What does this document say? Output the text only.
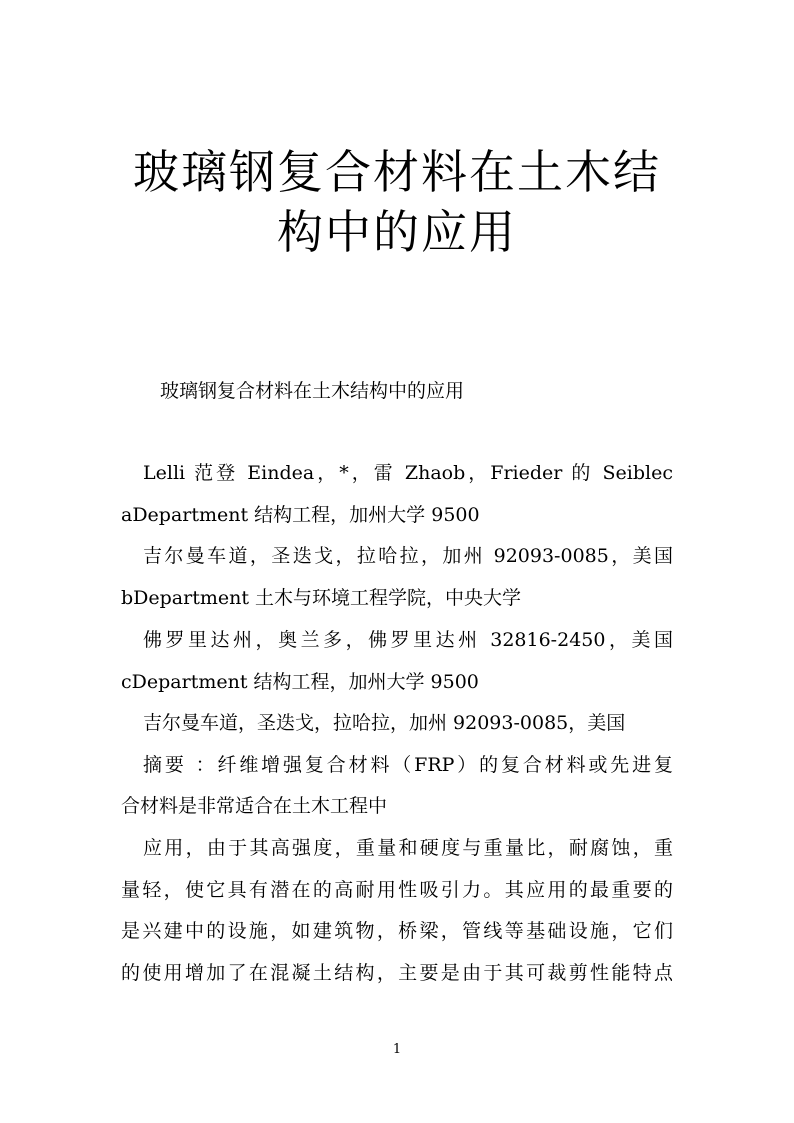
玻璃钢复合材料在土木结
构中的应用

玻璃钢复合材料在土木结构中的应用

Lelli 范登 Eindea，*，雷 Zhaob，Frieder 的 Seiblec

aDepartment 结构工程，加州大学 9500

吉尔曼车道，圣迭戈，拉哈拉，加州 92093-0085，美国

bDepartment 土木与环境工程学院，中央大学

佛罗里达州，奥兰多，佛罗里达州 32816-2450，美国

cDepartment 结构工程，加州大学 9500

吉尔曼车道，圣迭戈，拉哈拉，加州 92093-0085，美国

摘要 ：纤维增强复合材料（FRP）的复合材料或先进复

合材料是非常适合在土木工程中

应用，由于其高强度，重量和硬度与重量比，耐腐蚀，重

量轻，使它具有潜在的高耐用性吸引力。其应用的最重要的

是兴建中的设施，如建筑物，桥梁，管线等基础设施，它们

的使用增加了在混凝土结构，主要是由于其可裁剪性能特点

1
